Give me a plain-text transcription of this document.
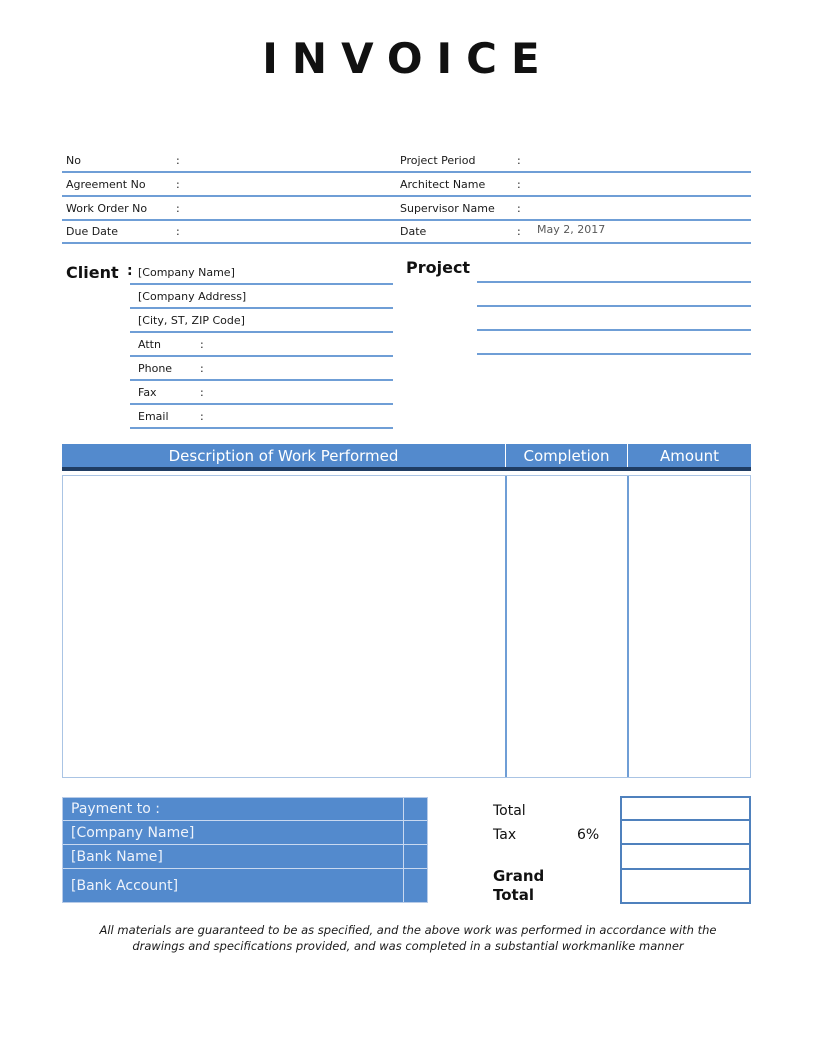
INVOICE
No	:	Project Period	:
Agreement No	:	Architect Name	:
Work Order No	:	Supervisor Name :
Due Date	:	Date	: May 2, 2017
Client : [Company Name]
[Company Address]
[City, ST, ZIP Code]
Attn	:
Phone	:
Fax	:
Email	:
Project
Description of Work Performed	Completion	Amount
Payment to :
[Company Name]
[Bank Name]
[Bank Account]
Total
Tax	6%
Grand Total
All materials are guaranteed to be as specified, and the above work was performed in accordance with the drawings and specifications provided, and was completed in a substantial workmanlike manner
